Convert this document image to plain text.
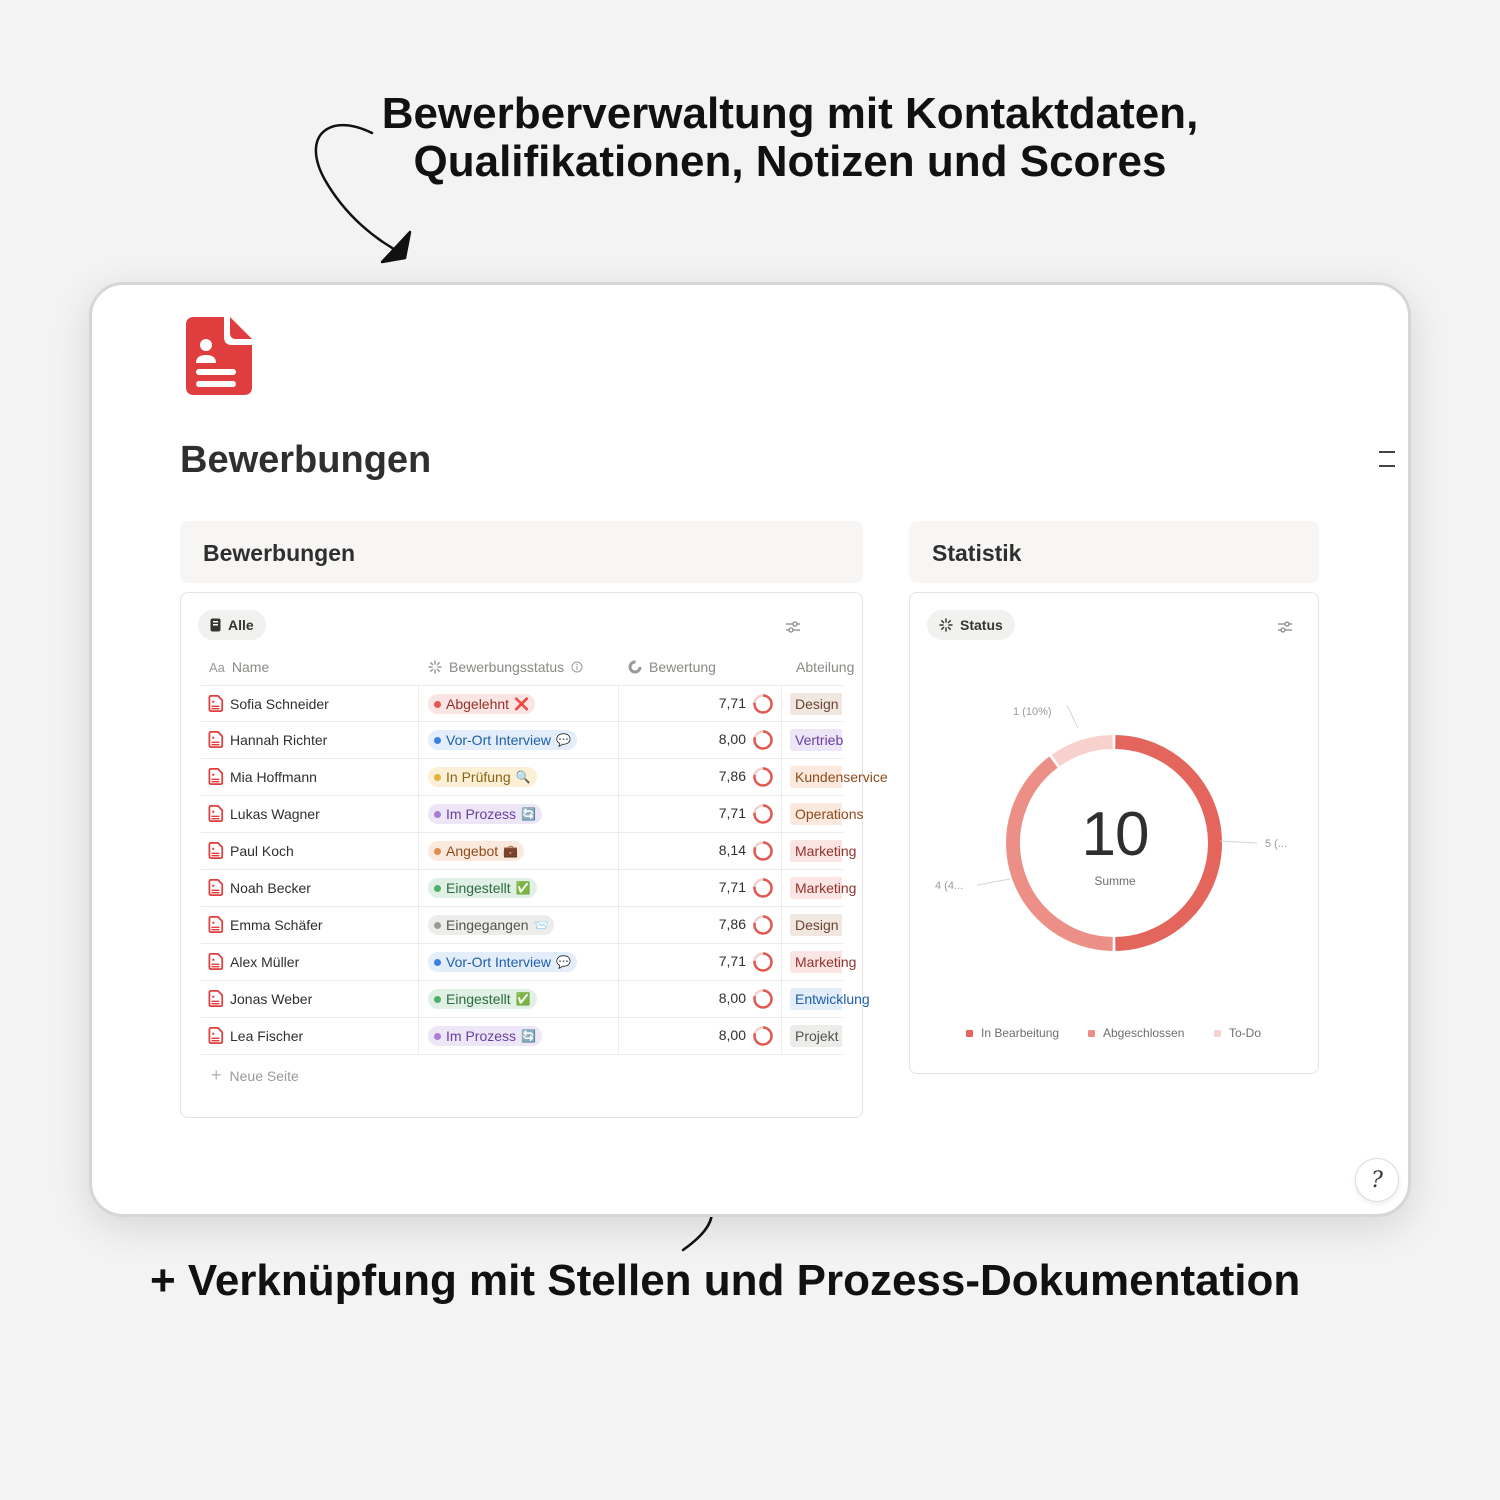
Bewerberverwaltung mit Kontaktdaten,
Qualifikationen, Notizen und Scores
Bewerbungen
Bewerbungen
Alle
Aa Name	Bewerbungsstatus	Bewertung	Abteilung
Sofia Schneider	Abgelehnt ❌	7,71	Design
Hannah Richter	Vor-Ort Interview 💬	8,00	Vertrieb
Mia Hoffmann	In Prüfung 🔍	7,86	Kundenservice
Lukas Wagner	Im Prozess 🔄	7,71	Operations
Paul Koch	Angebot 💼	8,14	Marketing
Noah Becker	Eingestellt ✅	7,71	Marketing
Emma Schäfer	Eingegangen 📨	7,86	Design
Alex Müller	Vor-Ort Interview 💬	7,71	Marketing
Jonas Weber	Eingestellt ✅	8,00	Entwicklung
Lea Fischer	Im Prozess 🔄	8,00	Projekt
+ Neue Seite
Statistik
Status
10
Summe
1 (10%)
5 (...
4 (4...
In Bearbeitung	Abgeschlossen	To-Do
?
+ Verknüpfung mit Stellen und Prozess-Dokumentation
